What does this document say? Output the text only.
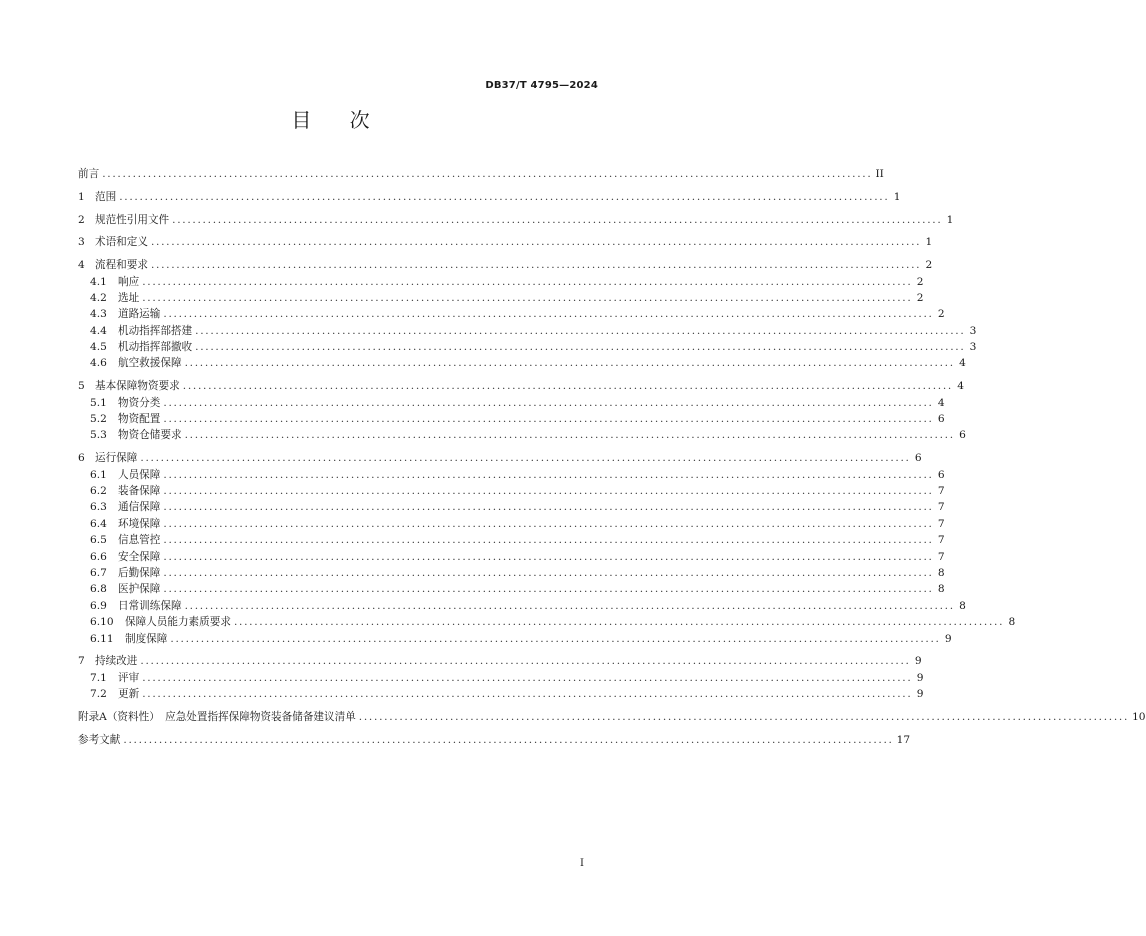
DB37/T 4795—2024
目 次
前言 ........................................................................................................................................................ II
1 范围 ........................................................................................................................................................ 1
2 规范性引用文件 ........................................................................................................................................................ 1
3 术语和定义 ........................................................................................................................................................ 1
4 流程和要求 ........................................................................................................................................................ 2
4.1 响应 ........................................................................................................................................................ 2
4.2 选址 ........................................................................................................................................................ 2
4.3 道路运输 ........................................................................................................................................................ 2
4.4 机动指挥部搭建 ........................................................................................................................................................ 3
4.5 机动指挥部撤收 ........................................................................................................................................................ 3
4.6 航空救援保障 ........................................................................................................................................................ 4
5 基本保障物资要求 ........................................................................................................................................................ 4
5.1 物资分类 ........................................................................................................................................................ 4
5.2 物资配置 ........................................................................................................................................................ 6
5.3 物资仓储要求 ........................................................................................................................................................ 6
6 运行保障 ........................................................................................................................................................ 6
6.1 人员保障 ........................................................................................................................................................ 6
6.2 装备保障 ........................................................................................................................................................ 7
6.3 通信保障 ........................................................................................................................................................ 7
6.4 环境保障 ........................................................................................................................................................ 7
6.5 信息管控 ........................................................................................................................................................ 7
6.6 安全保障 ........................................................................................................................................................ 7
6.7 后勤保障 ........................................................................................................................................................ 8
6.8 医护保障 ........................................................................................................................................................ 8
6.9 日常训练保障 ........................................................................................................................................................ 8
6.10 保障人员能力素质要求 ........................................................................................................................................................ 8
6.11 制度保障 ........................................................................................................................................................ 9
7 持续改进 ........................................................................................................................................................ 9
7.1 评审 ........................................................................................................................................................ 9
7.2 更新 ........................................................................................................................................................ 9
附录A（资料性）　应急处置指挥保障物资装备储备建议清单 ........................................................................................................................................................ 10
参考文献 ........................................................................................................................................................ 17
I
